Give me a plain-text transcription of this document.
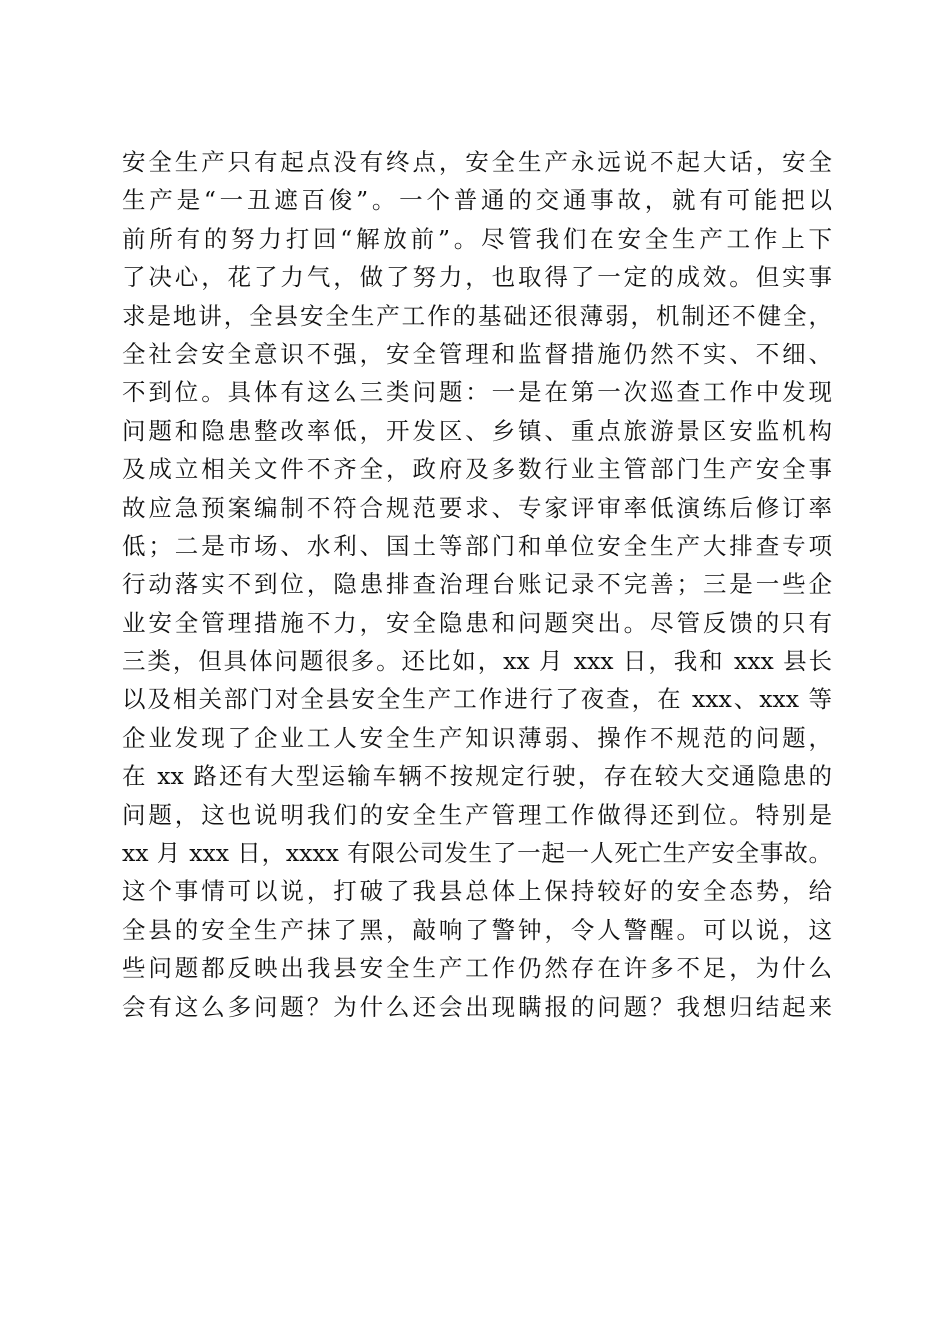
安全生产只有起点没有终点，安全生产永远说不起大话，安全
生产是“一丑遮百俊”。一个普通的交通事故，就有可能把以
前所有的努力打回“解放前”。尽管我们在安全生产工作上下
了决心，花了力气，做了努力，也取得了一定的成效。但实事
求是地讲，全县安全生产工作的基础还很薄弱，机制还不健全，
全社会安全意识不强，安全管理和监督措施仍然不实、不细、
不到位。具体有这么三类问题：一是在第一次巡查工作中发现
问题和隐患整改率低，开发区、乡镇、重点旅游景区安监机构
及成立相关文件不齐全，政府及多数行业主管部门生产安全事
故应急预案编制不符合规范要求、专家评审率低演练后修订率
低；二是市场、水利、国土等部门和单位安全生产大排查专项
行动落实不到位，隐患排查治理台账记录不完善；三是一些企
业安全管理措施不力，安全隐患和问题突出。尽管反馈的只有
三类，但具体问题很多。还比如，xx 月 xxx 日，我和 xxx 县长
以及相关部门对全县安全生产工作进行了夜查，在 xxx、xxx 等
企业发现了企业工人安全生产知识薄弱、操作不规范的问题，
在 xx 路还有大型运输车辆不按规定行驶，存在较大交通隐患的
问题，这也说明我们的安全生产管理工作做得还到位。特别是
xx 月 xxx 日，xxxx 有限公司发生了一起一人死亡生产安全事故。
这个事情可以说，打破了我县总体上保持较好的安全态势，给
全县的安全生产抹了黑，敲响了警钟，令人警醒。可以说，这
些问题都反映出我县安全生产工作仍然存在许多不足，为什么
会有这么多问题？为什么还会出现瞒报的问题？我想归结起来
